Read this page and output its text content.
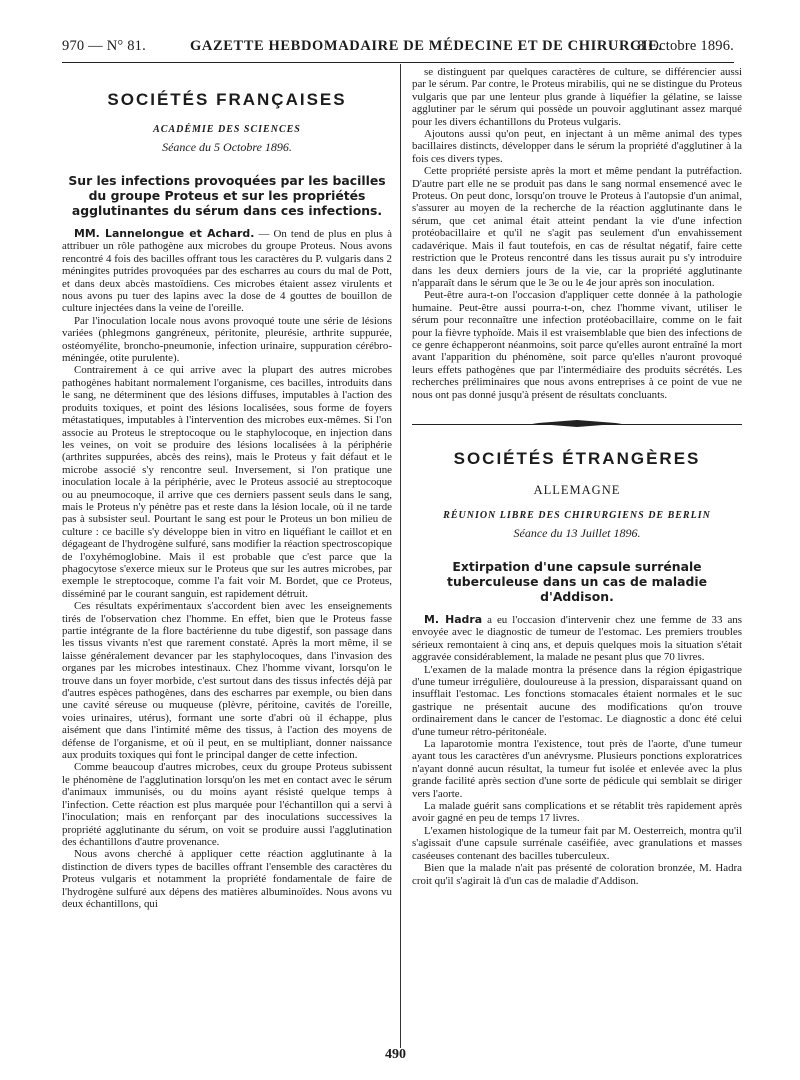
970 — N° 81.	GAZETTE HEBDOMADAIRE DE MÉDECINE ET DE CHIRURGIE.
8 Octobre 1896.
SOCIÉTÉS FRANÇAISES
ACADÉMIE DES SCIENCES
Séance du 5 Octobre 1896.
Sur les infections provoquées par les bacilles du groupe Proteus et sur les propriétés agglutinantes du sérum dans ces infections.

MM. Lannelongue et Achard. — On tend de plus en plus à attribuer un rôle pathogène aux microbes du groupe Proteus. Nous avons rencontré 4 fois des bacilles offrant tous les caractères du P. vulgaris dans 2 méningites putrides provoquées par des escharres au cours du mal de Pott, et dans deux abcès mastoïdiens. Ces microbes étaient assez virulents et nous avons pu tuer des lapins avec la dose de 4 gouttes de bouillon de culture injectées dans la veine de l'oreille.

Par l'inoculation locale nous avons provoqué toute une série de lésions variées (phlegmons gangréneux, péritonite, pleurésie, arthrite suppurée, ostéomyélite, broncho-pneumonie, infection urinaire, suppuration cérébro-méningée, otite purulente).

Contrairement à ce qui arrive avec la plupart des autres microbes pathogènes habitant normalement l'organisme, ces bacilles, introduits dans le sang, ne déterminent que des lésions diffuses, imputables à l'action des produits toxiques, et point des lésions localisées, sous forme de foyers métastatiques, imputables à l'intervention des microbes eux-mêmes. Si l'on associe au Proteus le streptocoque ou le staphylocoque, en injection dans les veines, on voit se produire des lésions localisées à la périphérie (arthrites suppurées, abcès des reins), mais le Proteus y fait défaut et le microbe associé s'y rencontre seul. Inversement, si l'on pratique une inoculation locale à la périphérie, avec le Proteus associé au streptocoque ou au pneumocoque, il arrive que ces derniers passent seuls dans le sang, mais le Proteus n'y pénètre pas et reste dans la lésion locale, où il ne tarde pas à subsister seul. Pourtant le sang est pour le Proteus un bon milieu de culture : ce bacille s'y développe bien in vitro en liquéfiant le caillot et en dégageant de l'hydrogène sulfuré, sans modifier la réaction spectroscopique de l'oxyhémoglobine. Mais il est probable que c'est parce que la phagocytose s'exerce mieux sur le Proteus que sur les autres microbes, par exemple le streptocoque, comme l'a fait voir M. Bordet, que ce Proteus, disséminé par le courant sanguin, est rapidement détruit.

Ces résultats expérimentaux s'accordent bien avec les enseignements tirés de l'observation chez l'homme. En effet, bien que le Proteus fasse partie intégrante de la flore bactérienne du tube digestif, son passage dans les tissus vivants n'est que rarement constaté. Après la mort même, il se laisse généralement devancer par les staphylocoques, dans l'invasion des organes par les microbes intestinaux. Chez l'homme vivant, lorsqu'on le trouve dans un foyer morbide, c'est surtout dans des tissus infectés déjà par d'autres espèces pathogènes, dans des escharres par exemple, ou bien dans une cavité séreuse ou muqueuse (plèvre, péritoine, cavités de l'oreille, voies urinaires, utérus), formant une sorte d'abri où il échappe, plus aisément que dans l'intimité même des tissus, à l'action des moyens de défense de l'organisme, et où il peut, en se multipliant, donner naissance aux produits toxiques qui font le principal danger de cette infection.

Comme beaucoup d'autres microbes, ceux du groupe Proteus subissent le phénomène de l'agglutination lorsqu'on les met en contact avec le sérum d'animaux immunisés, ou du moins ayant résisté quelque temps à l'infection. Cette réaction est plus marquée pour l'échantillon qui a servi à l'inoculation; mais en renforçant par des inoculations successives la propriété agglutinante du sérum, on voit se produire aussi l'agglutination des échantillons d'autre provenance.

Nous avons cherché à appliquer cette réaction agglutinante à la distinction de divers types de bacilles offrant l'ensemble des caractères du Proteus vulgaris et notamment la propriété fondamentale de faire de l'hydrogène sulfuré aux dépens des matières albuminoïdes. Nous avons vu deux échantillons, qui

se distinguent par quelques caractères de culture, se différencier aussi par le sérum. Par contre, le Proteus mirabilis, qui ne se distingue du Proteus vulgaris que par une lenteur plus grande à liquéfier la gélatine, se laisse agglutiner par le sérum qui possède un pouvoir agglutinant assez marqué pour les divers échantillons du Proteus vulgaris.

Ajoutons aussi qu'on peut, en injectant à un même animal des types bacillaires distincts, développer dans le sérum la propriété d'agglutiner à la fois ces divers types.

Cette propriété persiste après la mort et même pendant la putréfaction. D'autre part elle ne se produit pas dans le sang normal ensemencé avec le Proteus. On peut donc, lorsqu'on trouve le Proteus à l'autopsie d'un animal, s'assurer au moyen de la recherche de la réaction agglutinante dans le sérum, que cet animal était atteint pendant la vie d'une infection protéobacillaire et qu'il ne s'agit pas seulement d'un envahissement cadavérique. Mais il faut toutefois, en cas de résultat négatif, faire cette restriction que le Proteus rencontré dans les tissus aurait pu s'y introduire dans les deux derniers jours de la vie, car la propriété agglutinante n'apparaît dans le sérum que le 3e ou le 4e jour après son inoculation.

Peut-être aura-t-on l'occasion d'appliquer cette donnée à la pathologie humaine. Peut-être aussi pourra-t-on, chez l'homme vivant, utiliser le sérum pour reconnaître une infection protéobacillaire, comme on le fait pour la fièvre typhoïde. Mais il est vraisemblable que bien des infections de ce genre échapperont néanmoins, soit parce qu'elles auront entraîné la mort avant l'apparition du phénomène, soit parce qu'elles n'auront provoqué leurs effets pathogènes que par l'intermédiaire des produits sécrétés. Les recherches préliminaires que nous avons entreprises à ce point de vue ne nous ont pas donné jusqu'à présent de résultats concluants.

SOCIÉTÉS ÉTRANGÈRES
ALLEMAGNE
RÉUNION LIBRE DES CHIRURGIENS DE BERLIN
Séance du 13 Juillet 1896.
Extirpation d'une capsule surrénale tuberculeuse dans un cas de maladie d'Addison.

M. Hadra a eu l'occasion d'intervenir chez une femme de 33 ans envoyée avec le diagnostic de tumeur de l'estomac. Les premiers troubles sérieux remontaient à cinq ans, et depuis quelques mois la situation s'était aggravée considérablement, la malade ne pesant plus que 70 livres.

L'examen de la malade montra la présence dans la région épigastrique d'une tumeur irrégulière, douloureuse à la pression, disparaissant quand on insufflait l'estomac. Les fonctions stomacales étaient normales et le suc gastrique ne présentait aucune des modifications qu'on trouve ordinairement dans le cancer de l'estomac. Le diagnostic a donc été celui d'une tumeur rétro-péritonéale.

La laparotomie montra l'existence, tout près de l'aorte, d'une tumeur ayant tous les caractères d'un anévrysme. Plusieurs ponctions exploratrices n'ayant donné aucun résultat, la tumeur fut isolée et enlevée avec la plus grande facilité après section d'une sorte de pédicule qui semblait se diriger vers l'aorte.

La malade guérit sans complications et se rétablit très rapidement après avoir gagné en peu de temps 17 livres.

L'examen histologique de la tumeur fait par M. Oesterreich, montra qu'il s'agissait d'une capsule surrénale caséifiée, avec granulations et masses caséeuses contenant des bacilles tuberculeux.

Bien que la malade n'ait pas présenté de coloration bronzée, M. Hadra croit qu'il s'agirait là d'un cas de maladie d'Addison.

490
